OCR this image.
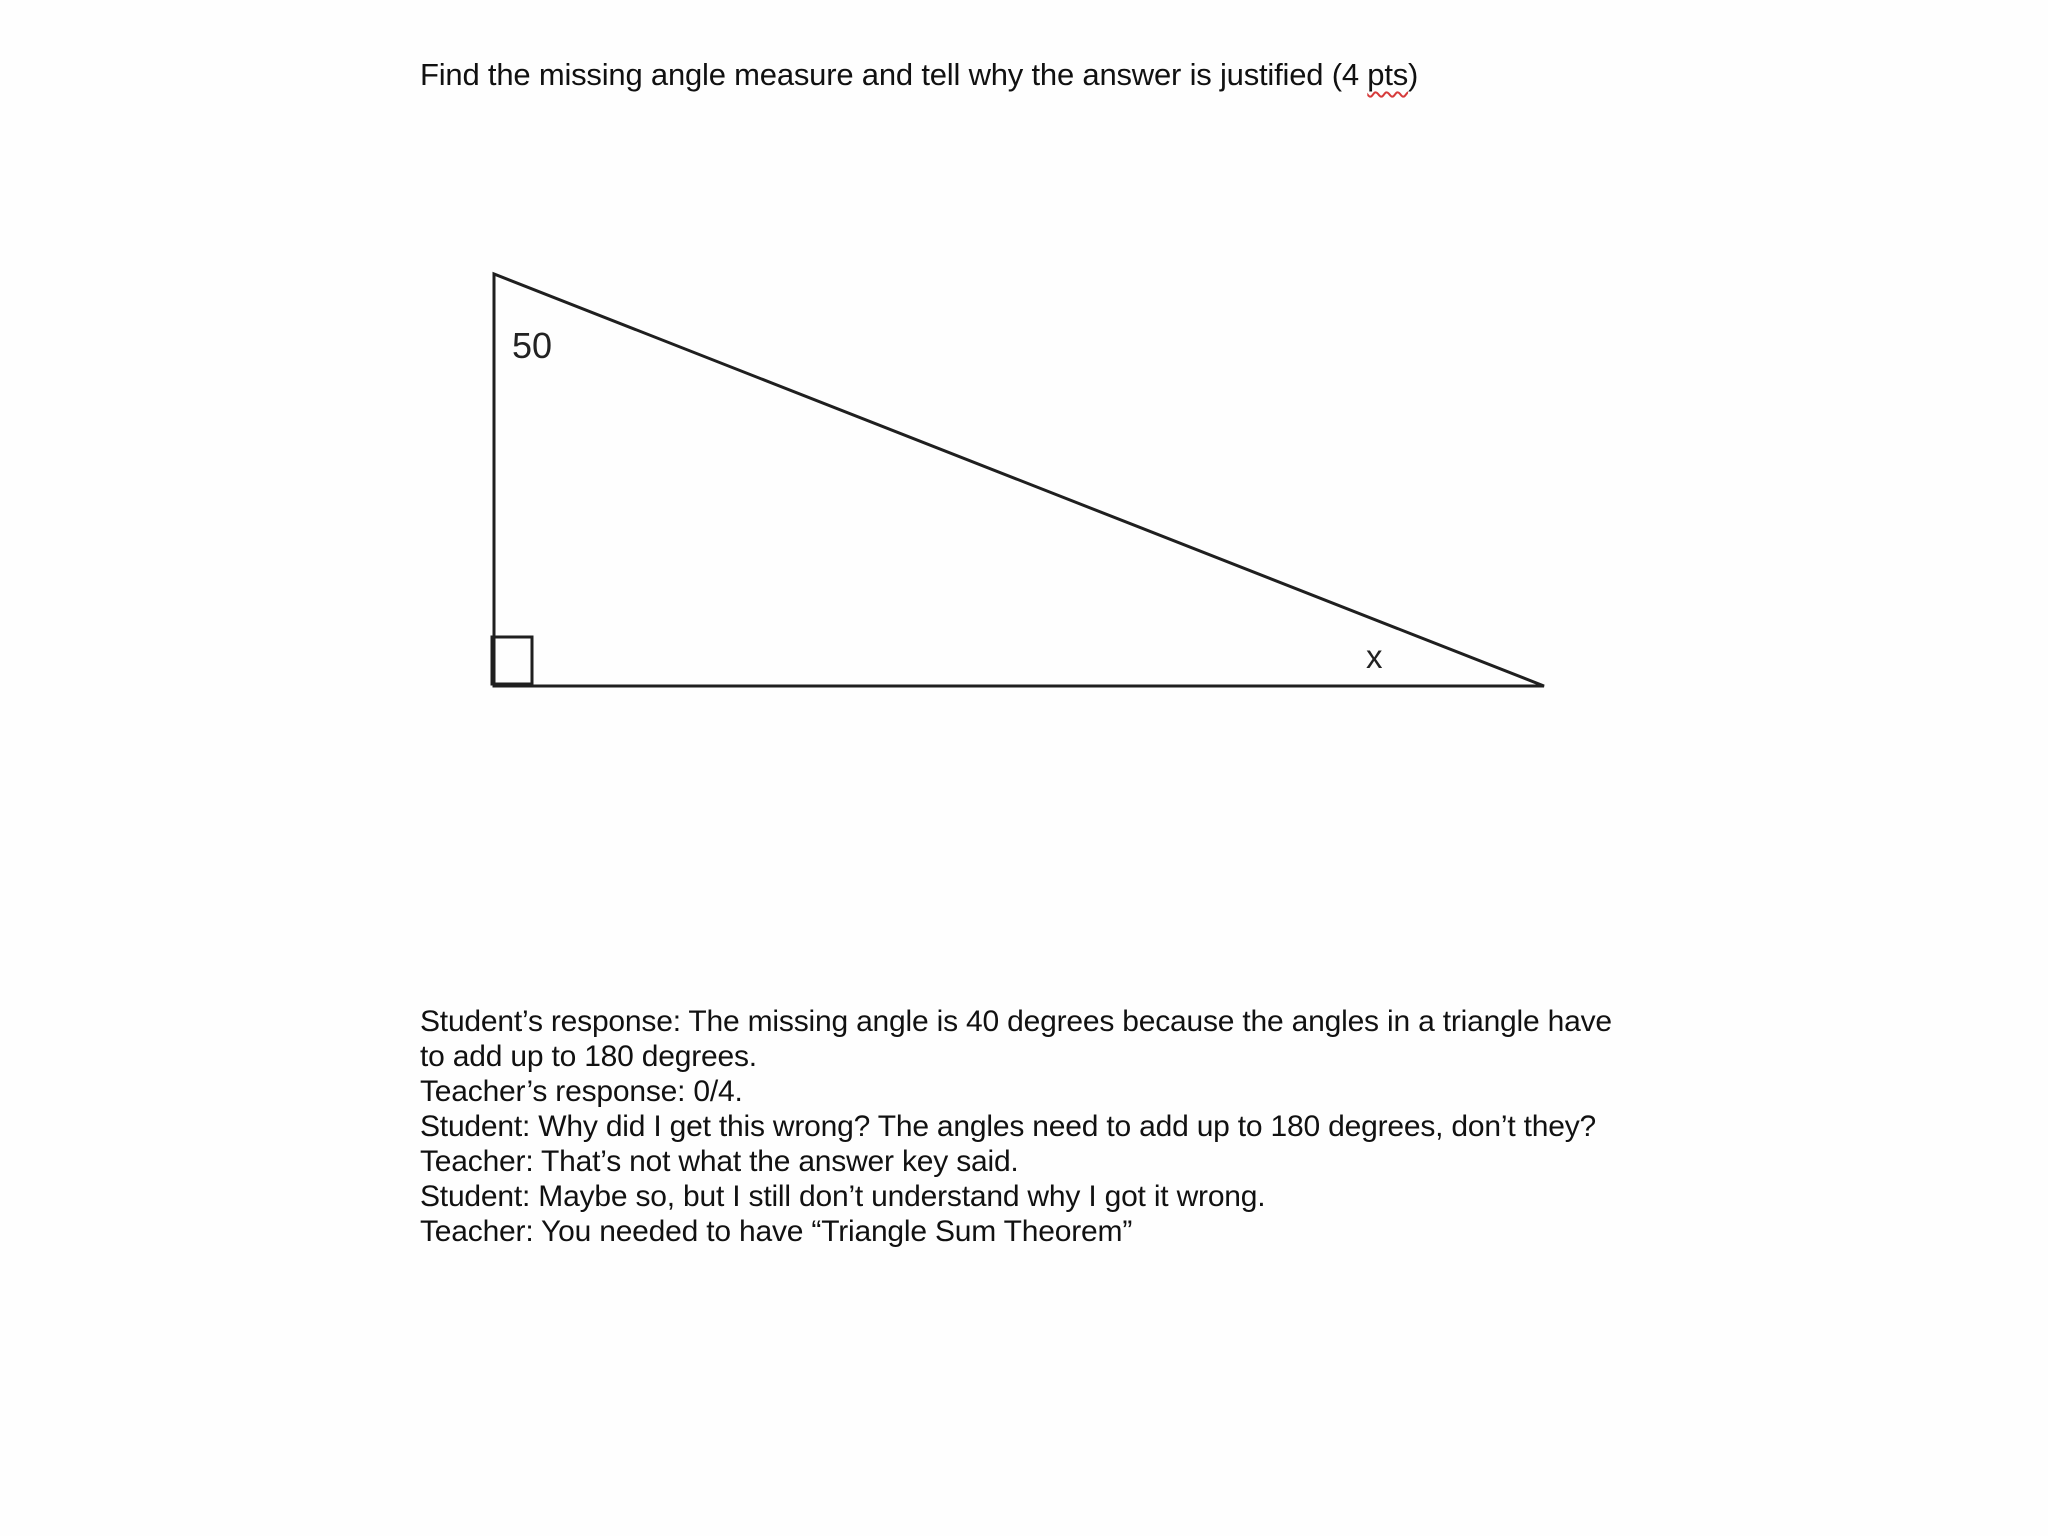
Find the missing angle measure and tell why the answer is justified (4 pts)
50
x
Student’s response: The missing angle is 40 degrees because the angles in a triangle have to add up to 180 degrees.
Teacher’s response: 0/4.
Student: Why did I get this wrong? The angles need to add up to 180 degrees, don’t they?
Teacher: That’s not what the answer key said.
Student: Maybe so, but I still don’t understand why I got it wrong.
Teacher: You needed to have “Triangle Sum Theorem”
